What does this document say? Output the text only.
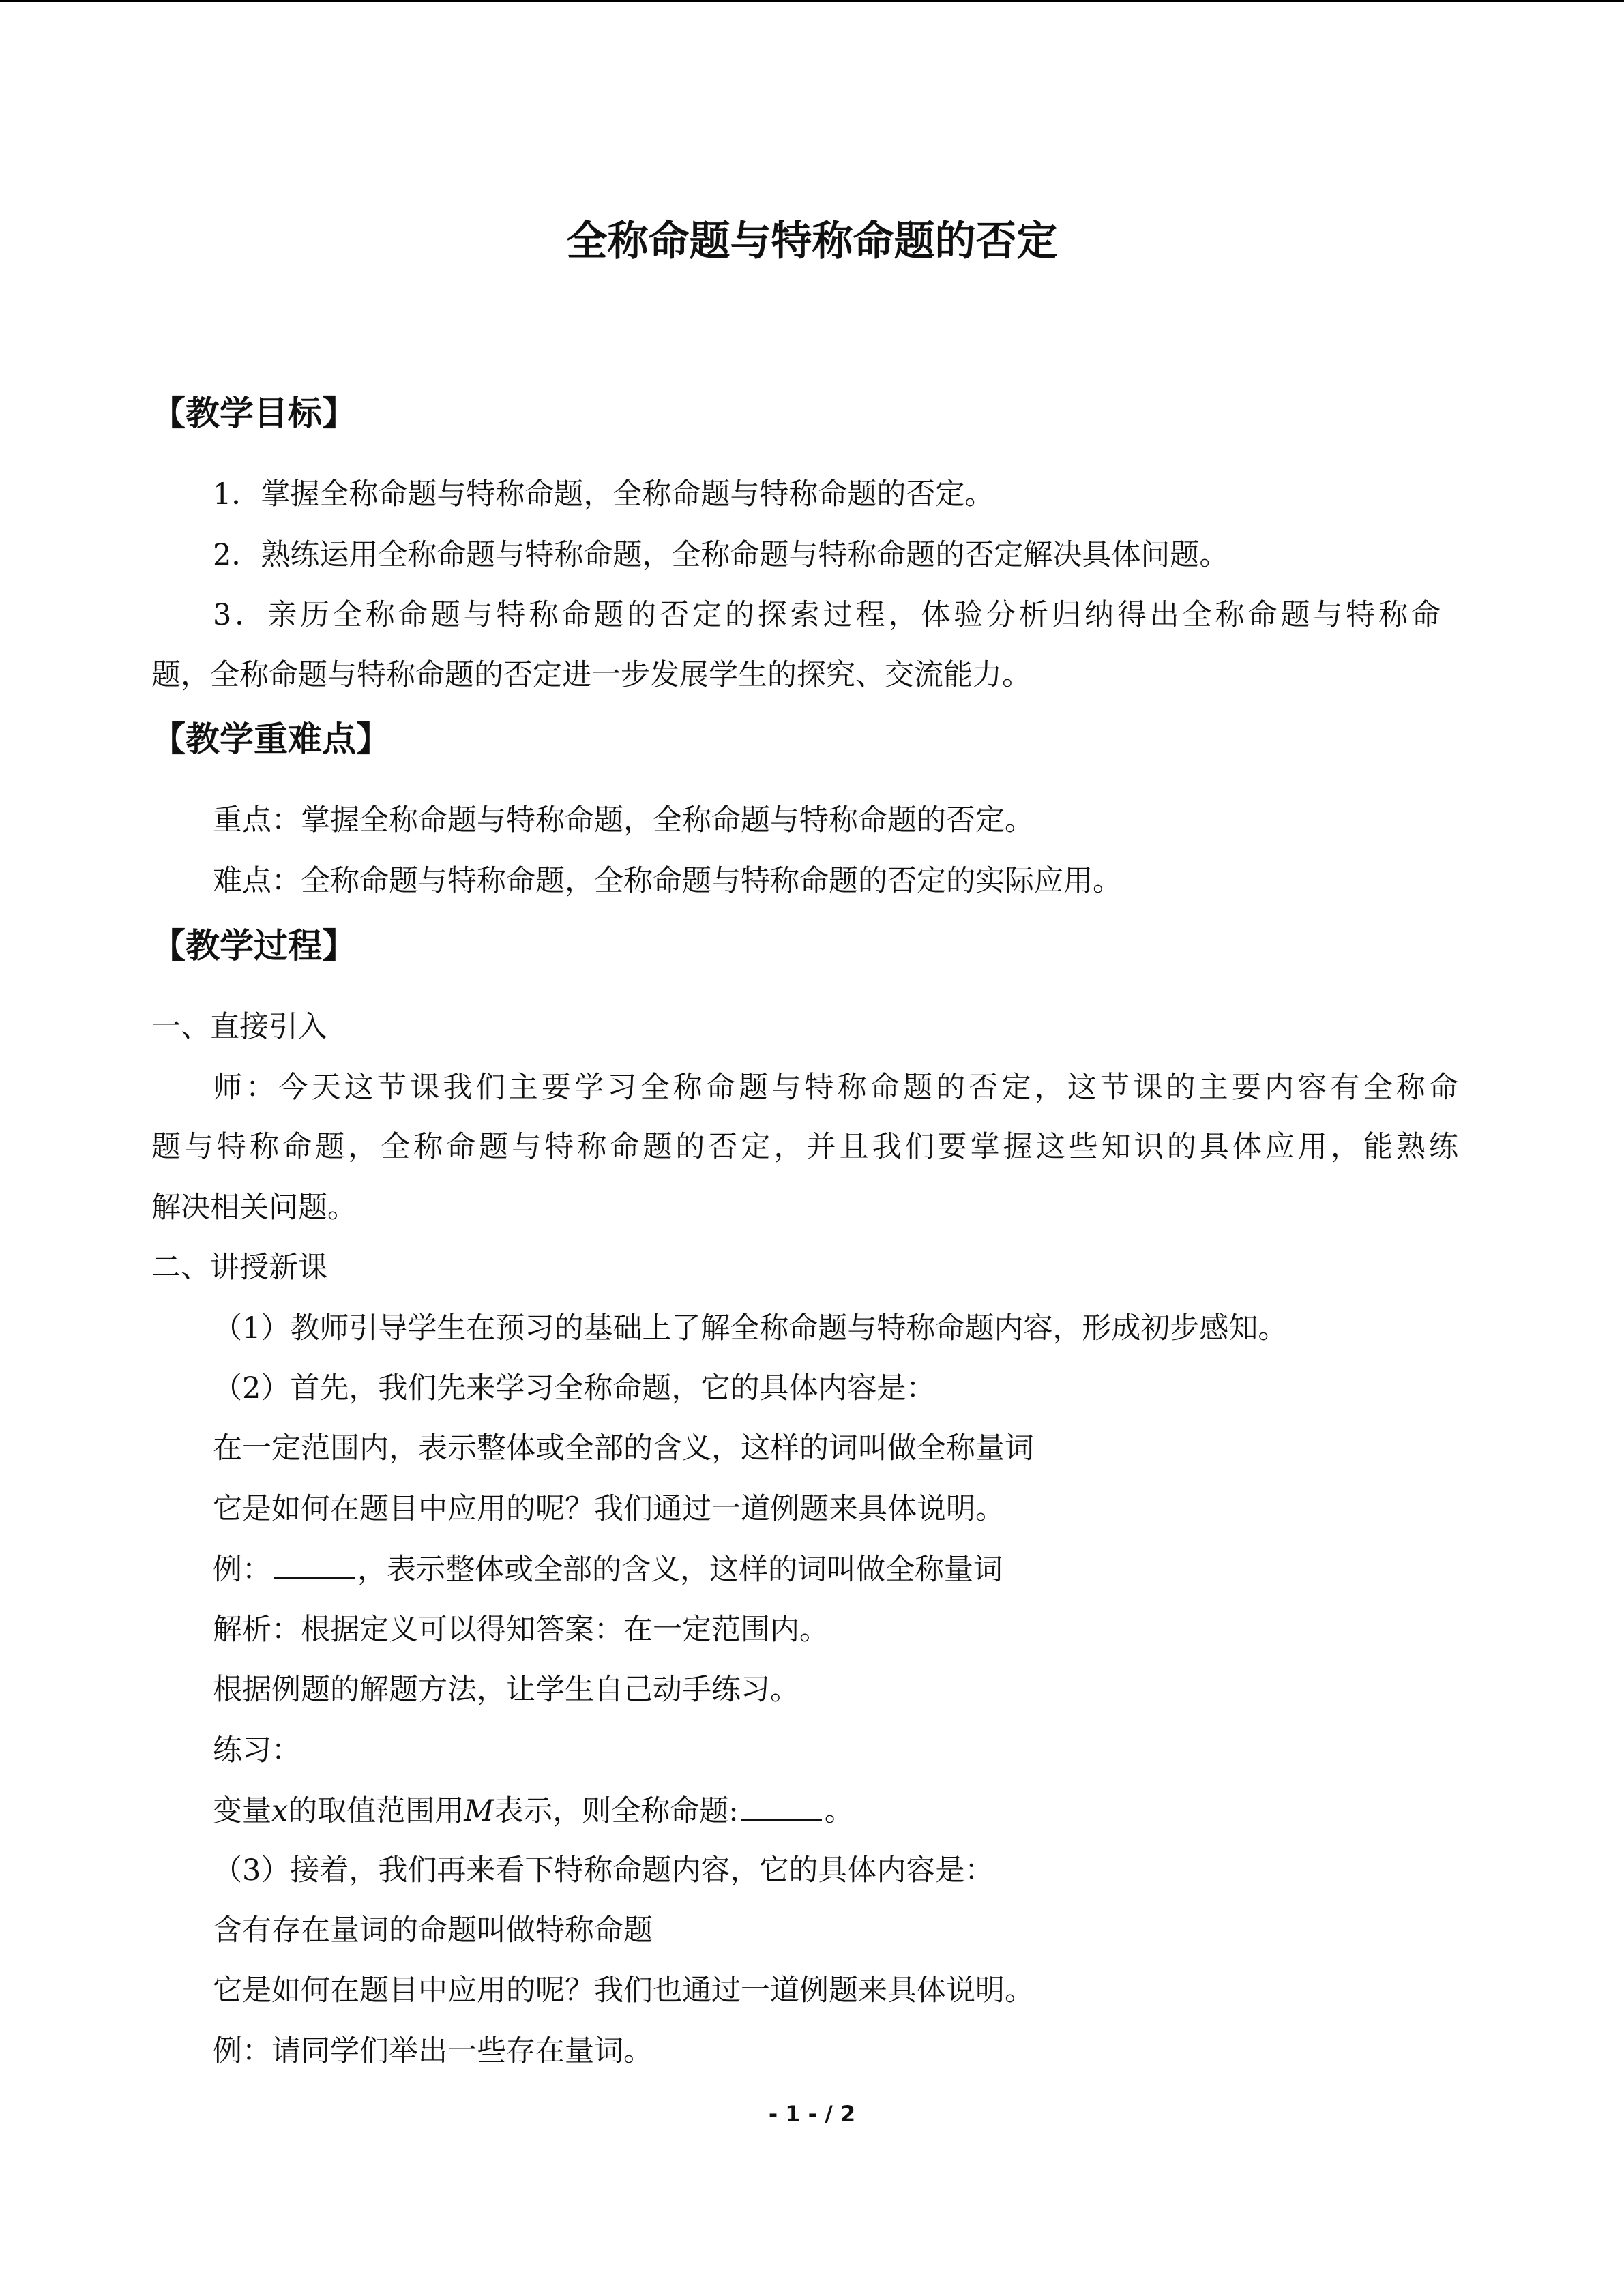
全称命题与特称命题的否定
【教学目标】
1．掌握全称命题与特称命题，全称命题与特称命题的否定。
2．熟练运用全称命题与特称命题，全称命题与特称命题的否定解决具体问题。
3．亲历全称命题与特称命题的否定的探索过程，体验分析归纳得出全称命题与特称命
题，全称命题与特称命题的否定进一步发展学生的探究、交流能力。
【教学重难点】
重点：掌握全称命题与特称命题，全称命题与特称命题的否定。
难点：全称命题与特称命题，全称命题与特称命题的否定的实际应用。
【教学过程】
一、直接引入
师：今天这节课我们主要学习全称命题与特称命题的否定，这节课的主要内容有全称命
题与特称命题，全称命题与特称命题的否定，并且我们要掌握这些知识的具体应用，能熟练
解决相关问题。
二、讲授新课
（1）教师引导学生在预习的基础上了解全称命题与特称命题内容，形成初步感知。
（2）首先，我们先来学习全称命题，它的具体内容是：
在一定范围内，表示整体或全部的含义，这样的词叫做全称量词
它是如何在题目中应用的呢？我们通过一道例题来具体说明。
例：	，表示整体或全部的含义，这样的词叫做全称量词
解析：根据定义可以得知答案：在一定范围内。
根据例题的解题方法，让学生自己动手练习。
练习：
变量x的取值范围用M表示，则全称命题:	。
（3）接着，我们再来看下特称命题内容，它的具体内容是：
含有存在量词的命题叫做特称命题
它是如何在题目中应用的呢？我们也通过一道例题来具体说明。
例：请同学们举出一些存在量词。
- 1 - / 2
